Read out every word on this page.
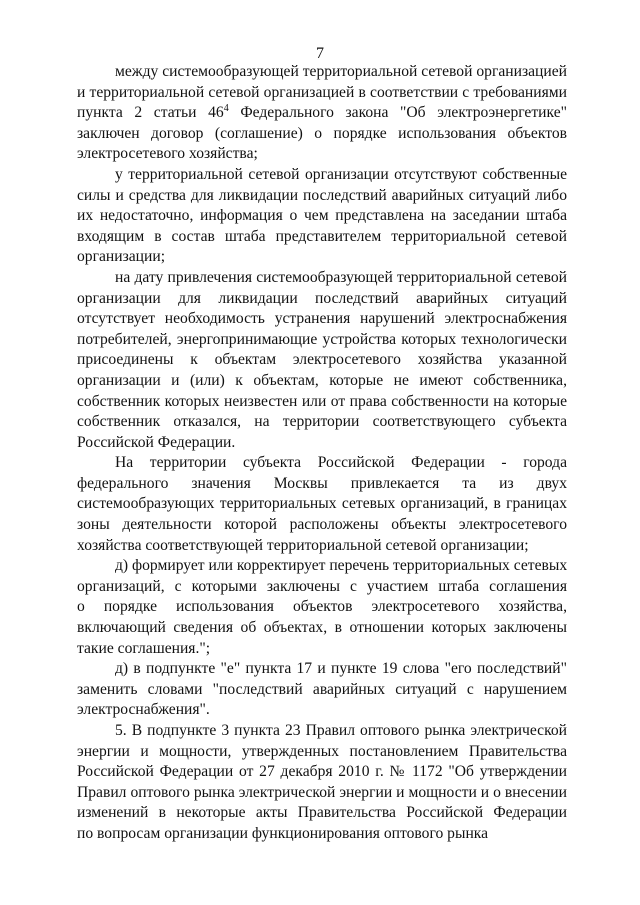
7
между системообразующей территориальной сетевой организацией
и территориальной сетевой организацией в соответствии с требованиями
пункта 2 статьи $46^4$ Федерального закона "Об электроэнергетике"
заключен договор (соглашение) о порядке использования объектов
электросетевого хозяйства;
у территориальной сетевой организации отсутствуют собственные
силы и средства для ликвидации последствий аварийных ситуаций либо
их недостаточно, информация о чем представлена на заседании штаба
входящим в состав штаба представителем территориальной сетевой
организации;
на дату привлечения системообразующей территориальной сетевой
организации для ликвидации последствий аварийных ситуаций
отсутствует необходимость устранения нарушений электроснабжения
потребителей, энергопринимающие устройства которых технологически
присоединены к объектам электросетевого хозяйства указанной
организации и (или) к объектам, которые не имеют собственника,
собственник которых неизвестен или от права собственности на которые
собственник отказался, на территории соответствующего субъекта
Российской Федерации.
На территории субъекта Российской Федерации - города
федерального значения Москвы привлекается та из двух
системообразующих территориальных сетевых организаций, в границах
зоны деятельности которой расположены объекты электросетевого
хозяйства соответствующей территориальной сетевой организации;
д) формирует или корректирует перечень территориальных сетевых
организаций, с которыми заключены с участием штаба соглашения
о порядке использования объектов электросетевого хозяйства,
включающий сведения об объектах, в отношении которых заключены
такие соглашения.";
д) в подпункте "е" пункта 17 и пункте 19 слова "его последствий"
заменить словами "последствий аварийных ситуаций с нарушением
электроснабжения".
5. В подпункте 3 пункта 23 Правил оптового рынка электрической
энергии и мощности, утвержденных постановлением Правительства
Российской Федерации от 27 декабря 2010 г. № 1172 "Об утверждении
Правил оптового рынка электрической энергии и мощности и о внесении
изменений в некоторые акты Правительства Российской Федерации
по вопросам организации функционирования оптового рынка
